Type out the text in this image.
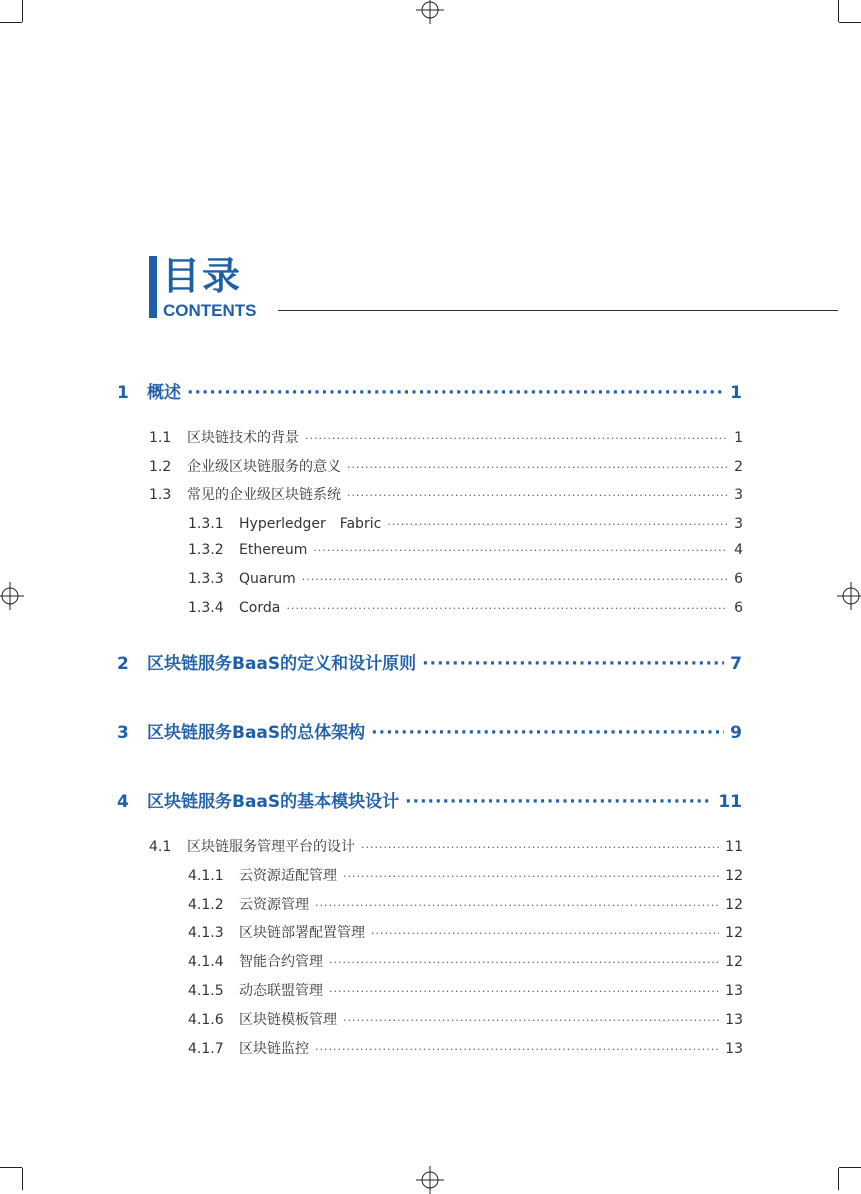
目录
CONTENTS
1	概述 ·····	1
1.1	区块链技术的背景 ·····	1
1.2	企业级区块链服务的意义 ·····	2
1.3	常见的企业级区块链系统 ·····	3
1.3.1	Hyperledger　Fabric ·····	3
1.3.2	Ethereum ·····	4
1.3.3	Quarum ·····	6
1.3.4	Corda ·····	6
2	区块链服务BaaS的定义和设计原则 ·····	7
3	区块链服务BaaS的总体架构 ·····	9
4	区块链服务BaaS的基本模块设计 ·····	11
4.1	区块链服务管理平台的设计 ·····	11
4.1.1	云资源适配管理 ·····	12
4.1.2	云资源管理 ·····	12
4.1.3	区块链部署配置管理 ·····	12
4.1.4	智能合约管理 ·····	12
4.1.5	动态联盟管理 ·····	13
4.1.6	区块链模板管理 ·····	13
4.1.7	区块链监控 ·····	13
